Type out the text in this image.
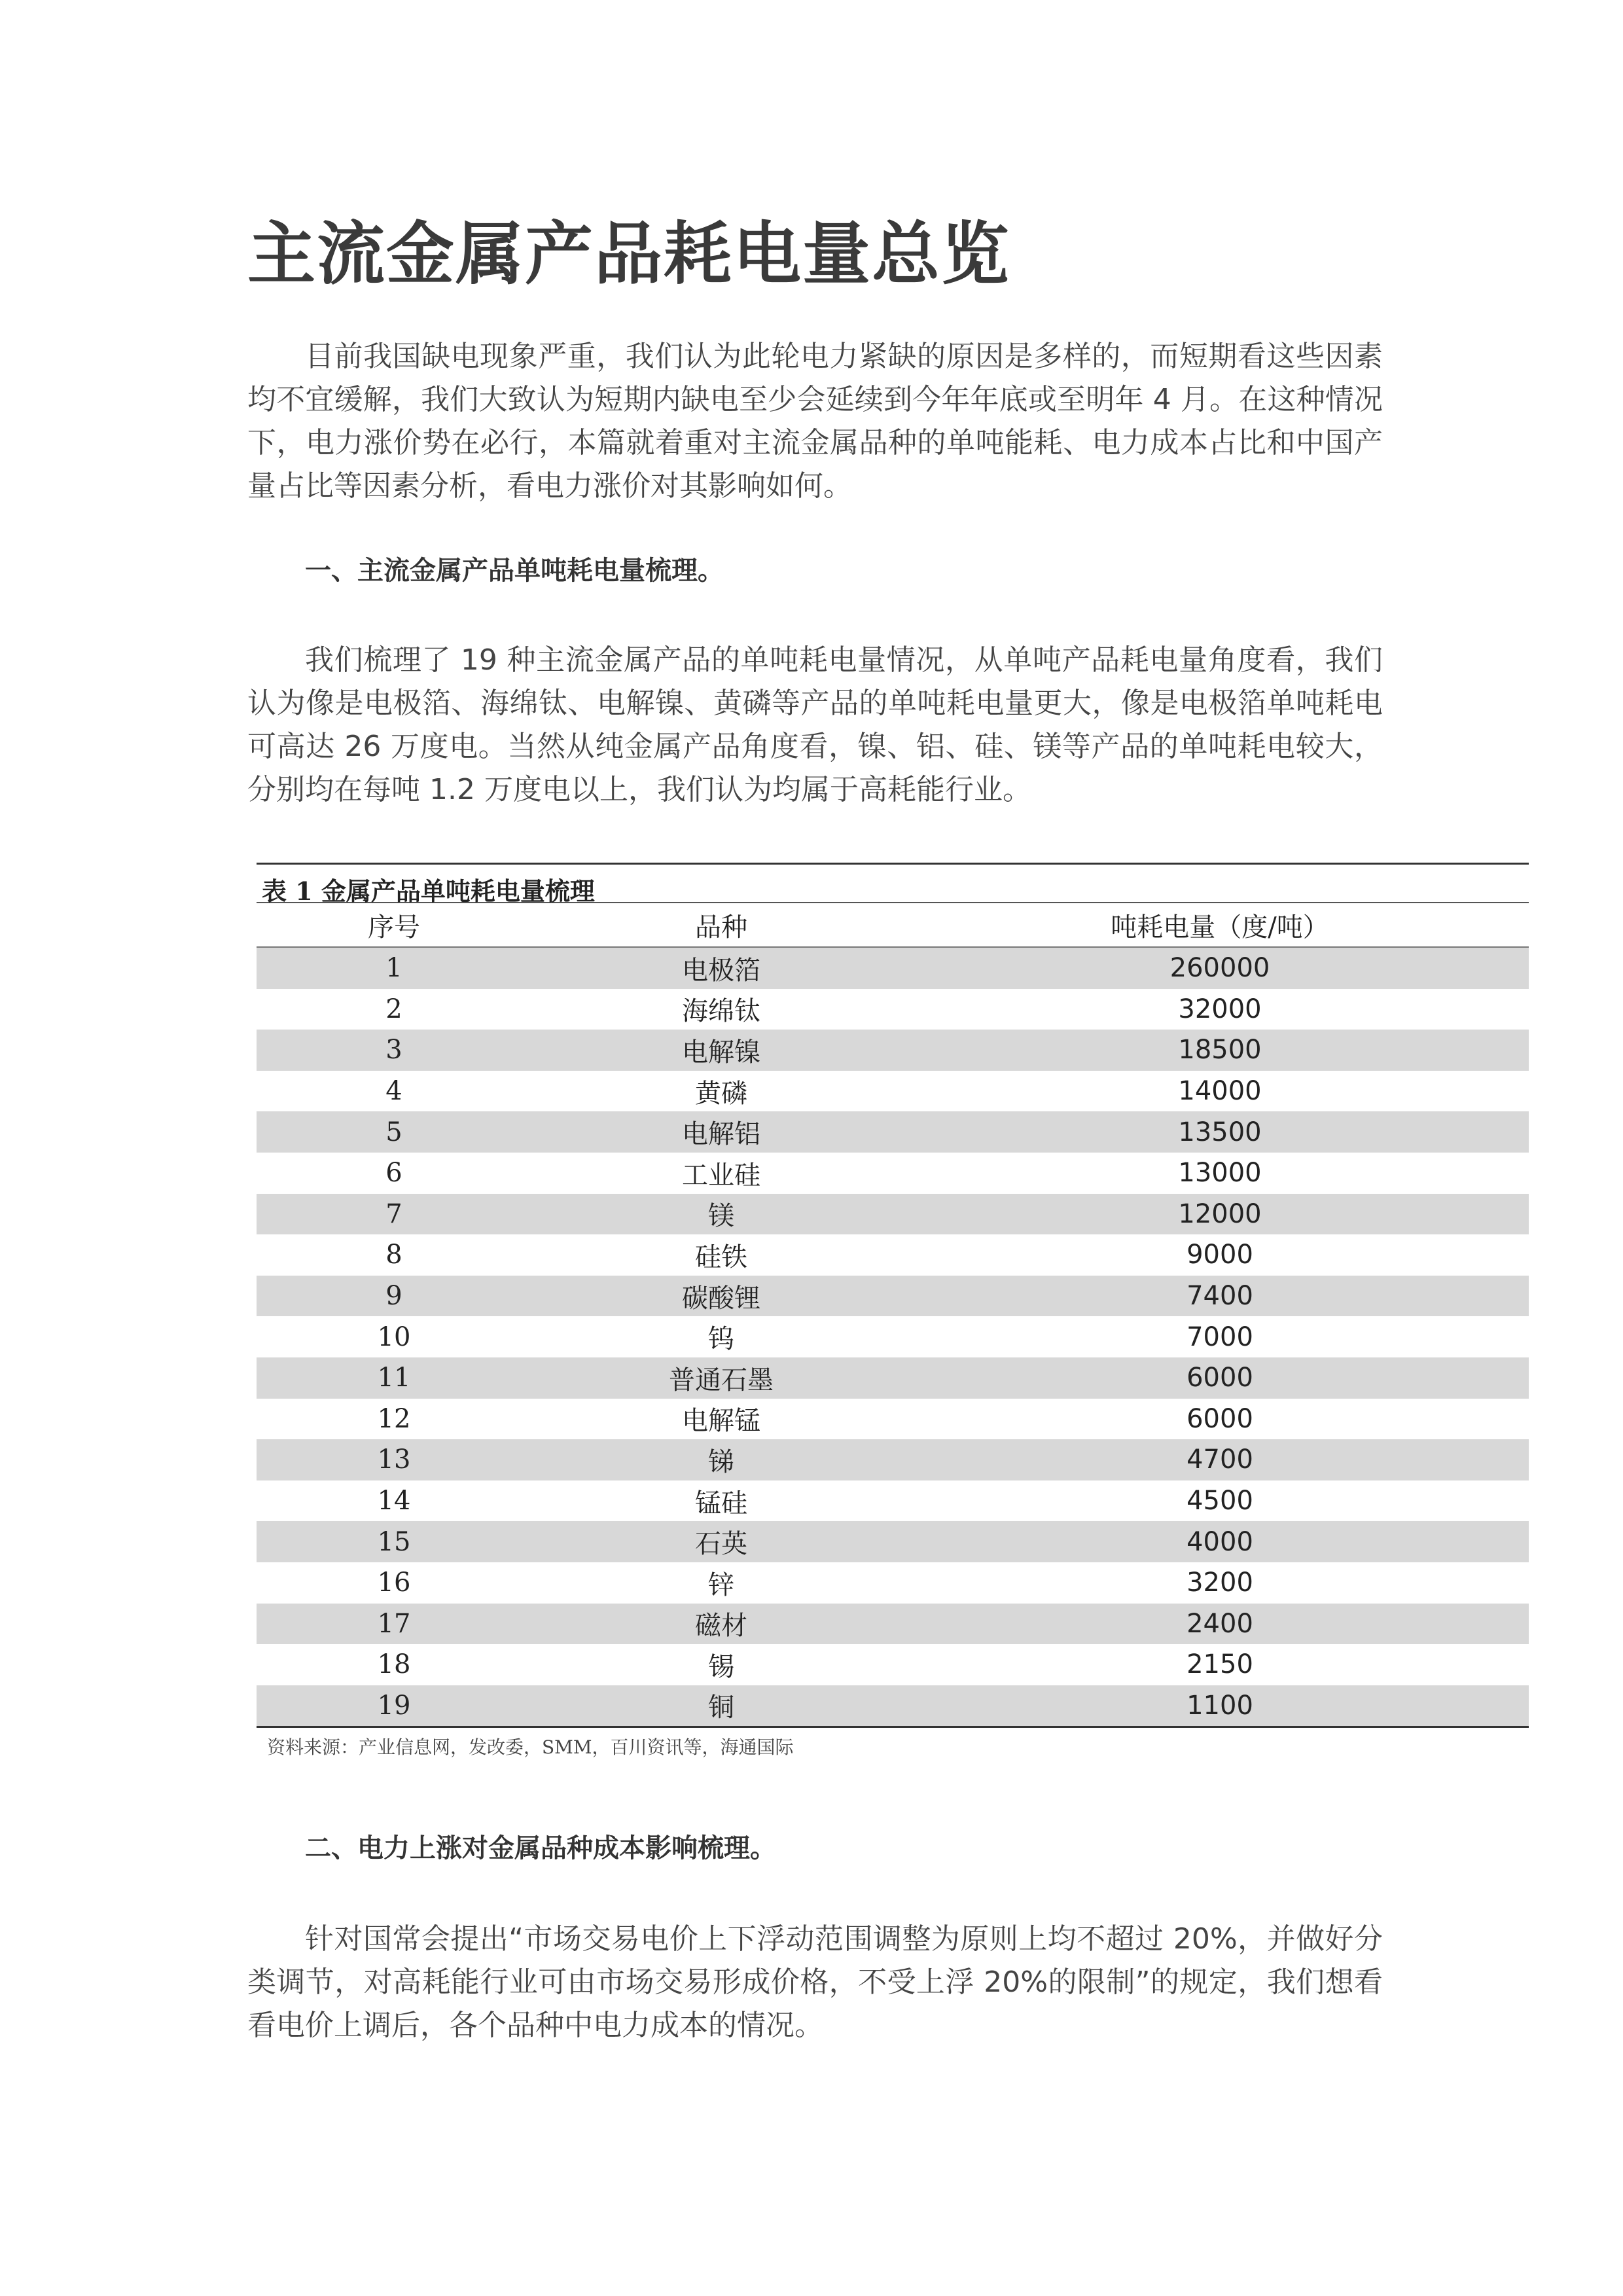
主流金属产品耗电量总览

目前我国缺电现象严重，我们认为此轮电力紧缺的原因是多样的，而短期看这些因素均不宜缓解，我们大致认为短期内缺电至少会延续到今年年底或至明年 4 月。在这种情况下，电力涨价势在必行，本篇就着重对主流金属品种的单吨能耗、电力成本占比和中国产量占比等因素分析，看电力涨价对其影响如何。

一、主流金属产品单吨耗电量梳理。

我们梳理了 19 种主流金属产品的单吨耗电量情况，从单吨产品耗电量角度看，我们认为像是电极箔、海绵钛、电解镍、黄磷等产品的单吨耗电量更大，像是电极箔单吨耗电可高达 26 万度电。当然从纯金属产品角度看，镍、铝、硅、镁等产品的单吨耗电较大，分别均在每吨 1.2 万度电以上，我们认为均属于高耗能行业。

表 1 金属产品单吨耗电量梳理
序号	品种	吨耗电量（度/吨）
1	电极箔	260000
2	海绵钛	32000
3	电解镍	18500
4	黄磷	14000
5	电解铝	13500
6	工业硅	13000
7	镁	12000
8	硅铁	9000
9	碳酸锂	7400
10	钨	7000
11	普通石墨	6000
12	电解锰	6000
13	锑	4700
14	锰硅	4500
15	石英	4000
16	锌	3200
17	磁材	2400
18	锡	2150
19	铜	1100
资料来源：产业信息网，发改委，SMM，百川资讯等，海通国际
二、电力上涨对金属品种成本影响梳理。

针对国常会提出“市场交易电价上下浮动范围调整为原则上均不超过 20%，并做好分类调节，对高耗能行业可由市场交易形成价格，不受上浮 20%的限制”的规定，我们想看看电价上调后，各个品种中电力成本的情况。
